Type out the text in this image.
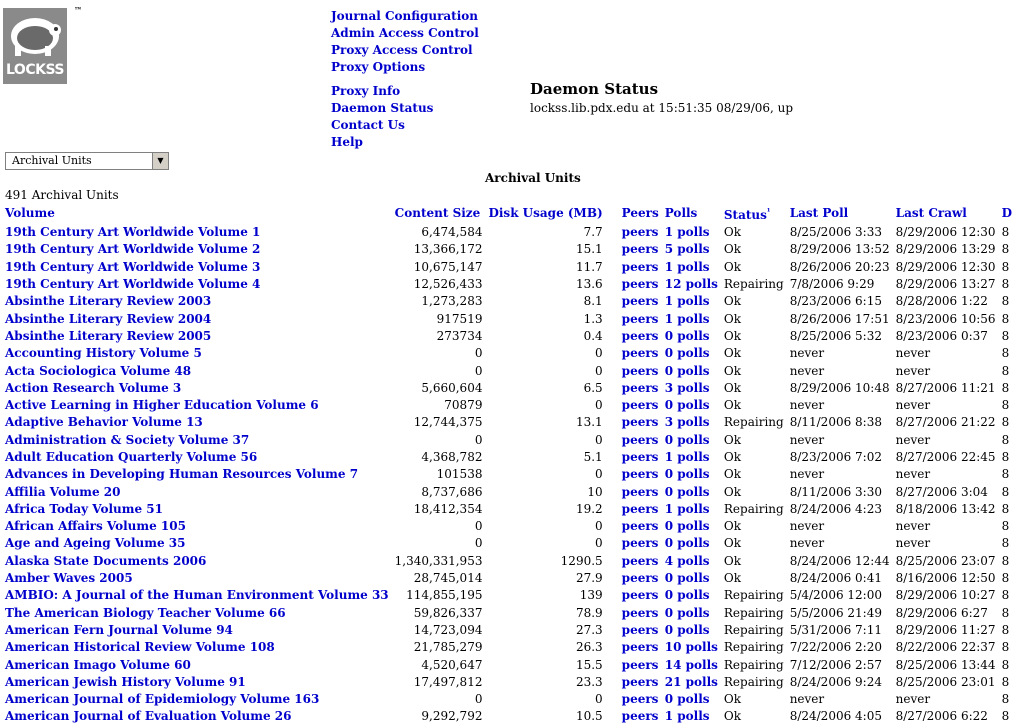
LOCKSS
™	Journal Configuration
Admin Access Control
Proxy Access Control
Proxy Options
Proxy Info
Daemon Status
Contact Us
Help
Daemon Status
lockss.lib.pdx.edu at 15:51:35 08/29/06, up
Archival Units	▼
Archival Units
491 Archival Units
Volume	Content Size	Disk Usage (MB)	Peers	Polls	Status$^{^1}$	Last Poll	Last Crawl	D
19th Century Art Worldwide Volume 1	6,474,584	7.7	peers	1 polls	Ok	8/25/2006 3:33	8/29/2006 12:30	8
19th Century Art Worldwide Volume 2	13,366,172	15.1	peers	5 polls	Ok	8/29/2006 13:52	8/29/2006 13:29	8
19th Century Art Worldwide Volume 3	10,675,147	11.7	peers	1 polls	Ok	8/26/2006 20:23	8/29/2006 12:30	8
19th Century Art Worldwide Volume 4	12,526,433	13.6	peers	12 polls	Repairing	7/8/2006 9:29	8/29/2006 13:27	8
Absinthe Literary Review 2003	1,273,283	8.1	peers	1 polls	Ok	8/23/2006 6:15	8/28/2006 1:22	8
Absinthe Literary Review 2004	917519	1.3	peers	1 polls	Ok	8/26/2006 17:51	8/23/2006 10:56	8
Absinthe Literary Review 2005	273734	0.4	peers	0 polls	Ok	8/25/2006 5:32	8/23/2006 0:37	8
Accounting History Volume 5	0	0	peers	0 polls	Ok	never	never	8
Acta Sociologica Volume 48	0	0	peers	0 polls	Ok	never	never	8
Action Research Volume 3	5,660,604	6.5	peers	3 polls	Ok	8/29/2006 10:48	8/27/2006 11:21	8
Active Learning in Higher Education Volume 6	70879	0	peers	0 polls	Ok	never	never	8
Adaptive Behavior Volume 13	12,744,375	13.1	peers	3 polls	Repairing	8/11/2006 8:38	8/27/2006 21:22	8
Administration & Society Volume 37	0	0	peers	0 polls	Ok	never	never	8
Adult Education Quarterly Volume 56	4,368,782	5.1	peers	1 polls	Ok	8/23/2006 7:02	8/27/2006 22:45	8
Advances in Developing Human Resources Volume 7	101538	0	peers	0 polls	Ok	never	never	8
Affilia Volume 20	8,737,686	10	peers	0 polls	Ok	8/11/2006 3:30	8/27/2006 3:04	8
Africa Today Volume 51	18,412,354	19.2	peers	1 polls	Repairing	8/24/2006 4:23	8/18/2006 13:42	8
African Affairs Volume 105	0	0	peers	0 polls	Ok	never	never	8
Age and Ageing Volume 35	0	0	peers	0 polls	Ok	never	never	8
Alaska State Documents 2006	1,340,331,953	1290.5	peers	4 polls	Ok	8/24/2006 12:44	8/25/2006 23:07	8
Amber Waves 2005	28,745,014	27.9	peers	0 polls	Ok	8/24/2006 0:41	8/16/2006 12:50	8
AMBIO: A Journal of the Human Environment Volume 33	114,855,195	139	peers	0 polls	Repairing	5/4/2006 12:00	8/29/2006 10:27	8
The American Biology Teacher Volume 66	59,826,337	78.9	peers	0 polls	Repairing	5/5/2006 21:49	8/29/2006 6:27	8
American Fern Journal Volume 94	14,723,094	27.3	peers	0 polls	Repairing	5/31/2006 7:11	8/29/2006 11:27	8
American Historical Review Volume 108	21,785,279	26.3	peers	10 polls	Repairing	7/22/2006 2:20	8/22/2006 22:37	8
American Imago Volume 60	4,520,647	15.5	peers	14 polls	Repairing	7/12/2006 2:57	8/25/2006 13:44	8
American Jewish History Volume 91	17,497,812	23.3	peers	21 polls	Repairing	8/24/2006 9:24	8/25/2006 23:01	8
American Journal of Epidemiology Volume 163	0	0	peers	0 polls	Ok	never	never	8
American Journal of Evaluation Volume 26	9,292,792	10.5	peers	1 polls	Ok	8/24/2006 4:05	8/27/2006 6:22	8
